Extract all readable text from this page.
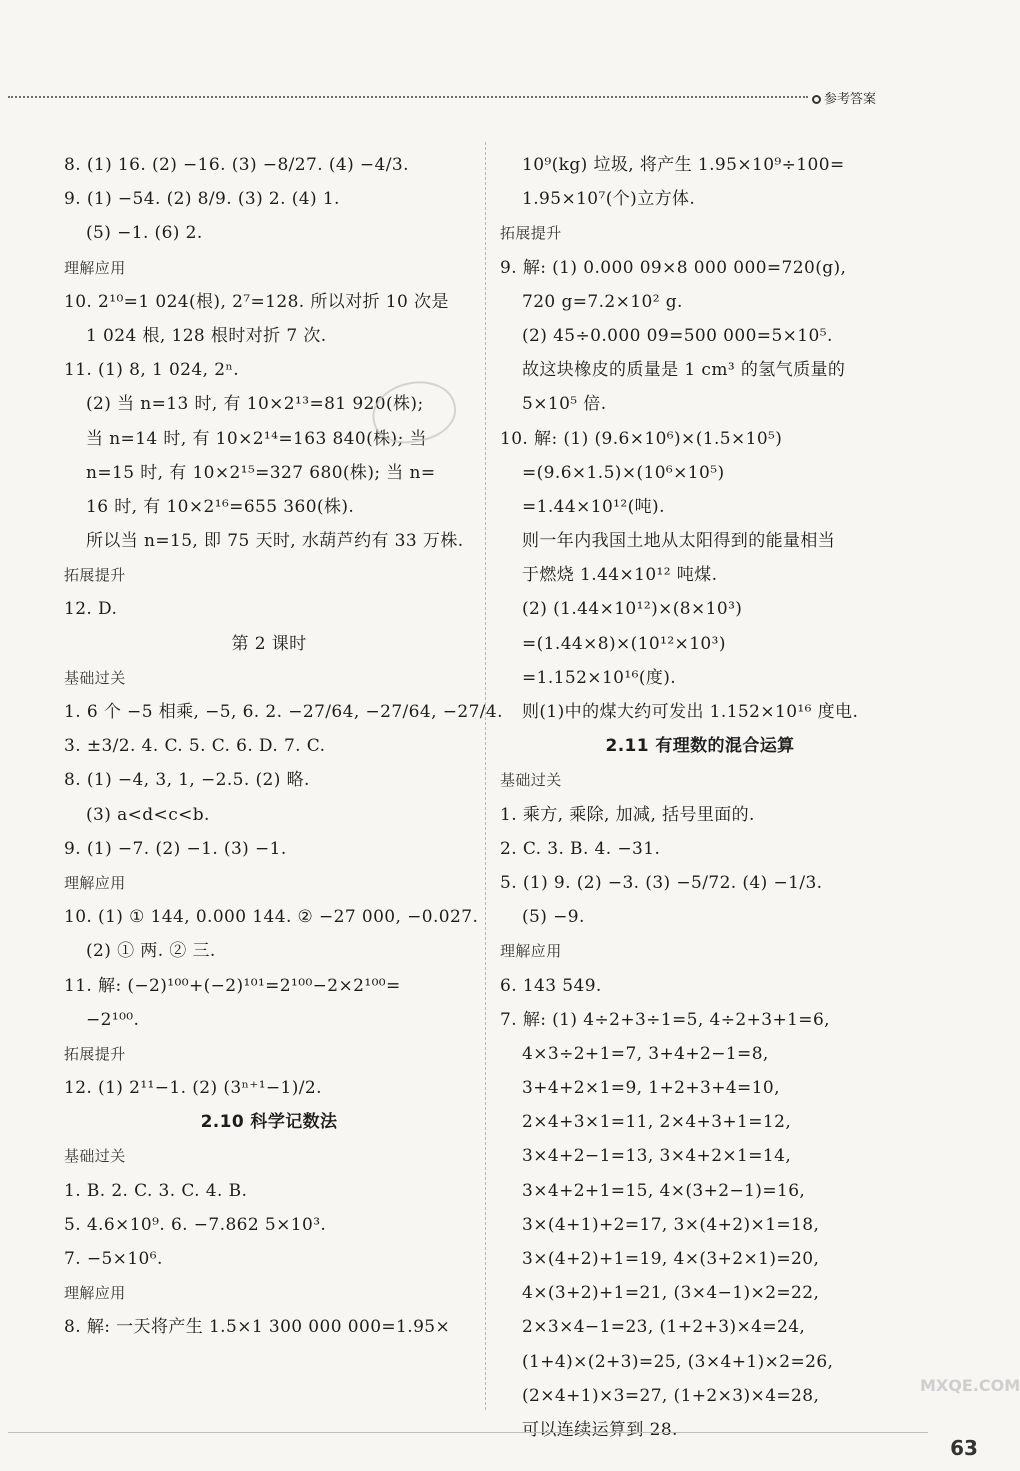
参考答案
8. (1) 16. (2) −16. (3) −8/27. (4) −4/3.
9. (1) −54. (2) 8/9. (3) 2. (4) 1.
(5) −1. (6) 2.
理解应用
10. 2¹⁰=1 024(根), 2⁷=128. 所以对折 10 次是
1 024 根, 128 根时对折 7 次.
11. (1) 8, 1 024, 2ⁿ.
(2) 当 n=13 时, 有 10×2¹³=81 920(株);
当 n=14 时, 有 10×2¹⁴=163 840(株); 当
n=15 时, 有 10×2¹⁵=327 680(株); 当 n=
16 时, 有 10×2¹⁶=655 360(株).
所以当 n=15, 即 75 天时, 水葫芦约有 33 万株.
拓展提升
12. D.
第 2 课时
基础过关
1. 6 个 −5 相乘, −5, 6. 2. −27/64, −27/64, −27/4.
3. ±3/2. 4. C. 5. C. 6. D. 7. C.
8. (1) −4, 3, 1, −2.5. (2) 略.
(3) a<d<c<b.
9. (1) −7. (2) −1. (3) −1.
理解应用
10. (1) ① 144, 0.000 144. ② −27 000, −0.027.
(2) ① 两. ② 三.
11. 解: (−2)¹⁰⁰+(−2)¹⁰¹=2¹⁰⁰−2×2¹⁰⁰=
−2¹⁰⁰.
拓展提升
12. (1) 2¹¹−1. (2) (3ⁿ⁺¹−1)/2.
2.10 科学记数法
基础过关
1. B. 2. C. 3. C. 4. B.
5. 4.6×10⁹. 6. −7.862 5×10³.
7. −5×10⁶.
理解应用
8. 解: 一天将产生 1.5×1 300 000 000=1.95×
10⁹(kg) 垃圾, 将产生 1.95×10⁹÷100=
1.95×10⁷(个)立方体.
拓展提升
9. 解: (1) 0.000 09×8 000 000=720(g),
720 g=7.2×10² g.
(2) 45÷0.000 09=500 000=5×10⁵.
故这块橡皮的质量是 1 cm³ 的氢气质量的
5×10⁵ 倍.
10. 解: (1) (9.6×10⁶)×(1.5×10⁵)
=(9.6×1.5)×(10⁶×10⁵)
=1.44×10¹²(吨).
则一年内我国土地从太阳得到的能量相当
于燃烧 1.44×10¹² 吨煤.
(2) (1.44×10¹²)×(8×10³)
=(1.44×8)×(10¹²×10³)
=1.152×10¹⁶(度).
则(1)中的煤大约可发出 1.152×10¹⁶ 度电.
2.11 有理数的混合运算
基础过关
1. 乘方, 乘除, 加减, 括号里面的.
2. C. 3. B. 4. −31.
5. (1) 9. (2) −3. (3) −5/72. (4) −1/3.
(5) −9.
理解应用
6. 143 549.
7. 解: (1) 4÷2+3÷1=5, 4÷2+3+1=6,
4×3÷2+1=7, 3+4+2−1=8,
3+4+2×1=9, 1+2+3+4=10,
2×4+3×1=11, 2×4+3+1=12,
3×4+2−1=13, 3×4+2×1=14,
3×4+2+1=15, 4×(3+2−1)=16,
3×(4+1)+2=17, 3×(4+2)×1=18,
3×(4+2)+1=19, 4×(3+2×1)=20,
4×(3+2)+1=21, (3×4−1)×2=22,
2×3×4−1=23, (1+2+3)×4=24,
(1+4)×(2+3)=25, (3×4+1)×2=26,
(2×4+1)×3=27, (1+2×3)×4=28,
可以连续运算到 28.
MXQE.COM
63
